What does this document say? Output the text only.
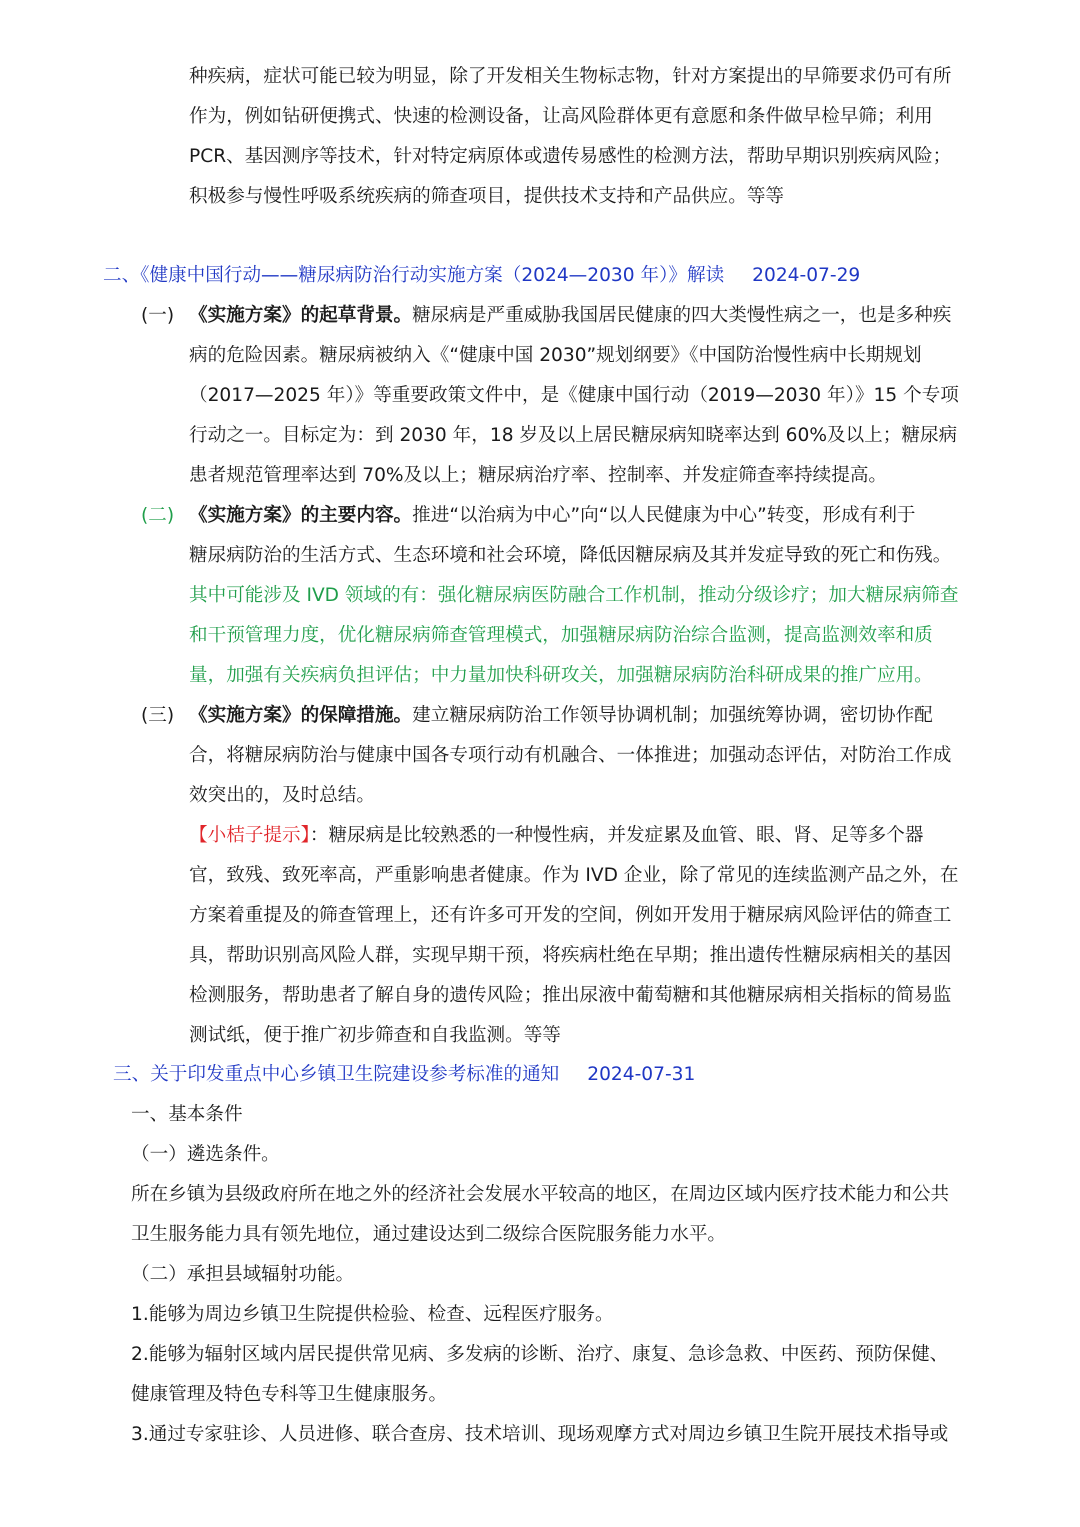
种疾病，症状可能已较为明显，除了开发相关生物标志物，针对方案提出的早筛要求仍可有所
作为，例如钻研便携式、快速的检测设备，让高风险群体更有意愿和条件做早检早筛；利用
PCR、基因测序等技术，针对特定病原体或遗传易感性的检测方法，帮助早期识别疾病风险；
积极参与慢性呼吸系统疾病的筛查项目，提供技术支持和产品供应。等等
二、《健康中国行动——糖尿病防治行动实施方案（2024—2030 年）》解读 2024-07-29
(一) 《实施方案》的起草背景。糖尿病是严重威胁我国居民健康的四大类慢性病之一，也是多种疾
病的危险因素。糖尿病被纳入《“健康中国 2030”规划纲要》《中国防治慢性病中长期规划
（2017—2025 年）》等重要政策文件中，是《健康中国行动（2019—2030 年）》15 个专项
行动之一。目标定为：到 2030 年，18 岁及以上居民糖尿病知晓率达到 60%及以上；糖尿病
患者规范管理率达到 70%及以上；糖尿病治疗率、控制率、并发症筛查率持续提高。
(二) 《实施方案》的主要内容。推进“以治病为中心”向“以人民健康为中心”转变，形成有利于
糖尿病防治的生活方式、生态环境和社会环境，降低因糖尿病及其并发症导致的死亡和伤残。
其中可能涉及 IVD 领域的有：强化糖尿病医防融合工作机制，推动分级诊疗；加大糖尿病筛查
和干预管理力度，优化糖尿病筛查管理模式，加强糖尿病防治综合监测，提高监测效率和质
量，加强有关疾病负担评估；中力量加快科研攻关，加强糖尿病防治科研成果的推广应用。
(三) 《实施方案》的保障措施。建立糖尿病防治工作领导协调机制；加强统筹协调，密切协作配
合，将糖尿病防治与健康中国各专项行动有机融合、一体推进；加强动态评估，对防治工作成
效突出的，及时总结。
【小桔子提示】：糖尿病是比较熟悉的一种慢性病，并发症累及血管、眼、肾、足等多个器
官，致残、致死率高，严重影响患者健康。作为 IVD 企业，除了常见的连续监测产品之外，在
方案着重提及的筛查管理上，还有许多可开发的空间，例如开发用于糖尿病风险评估的筛查工
具，帮助识别高风险人群，实现早期干预，将疾病杜绝在早期；推出遗传性糖尿病相关的基因
检测服务，帮助患者了解自身的遗传风险；推出尿液中葡萄糖和其他糖尿病相关指标的简易监
测试纸，便于推广初步筛查和自我监测。等等
三、关于印发重点中心乡镇卫生院建设参考标准的通知 2024-07-31
一、基本条件
（一）遴选条件。
所在乡镇为县级政府所在地之外的经济社会发展水平较高的地区，在周边区域内医疗技术能力和公共
卫生服务能力具有领先地位，通过建设达到二级综合医院服务能力水平。
（二）承担县域辐射功能。
1.能够为周边乡镇卫生院提供检验、检查、远程医疗服务。
2.能够为辐射区域内居民提供常见病、多发病的诊断、治疗、康复、急诊急救、中医药、预防保健、
健康管理及特色专科等卫生健康服务。
3.通过专家驻诊、人员进修、联合查房、技术培训、现场观摩方式对周边乡镇卫生院开展技术指导或
